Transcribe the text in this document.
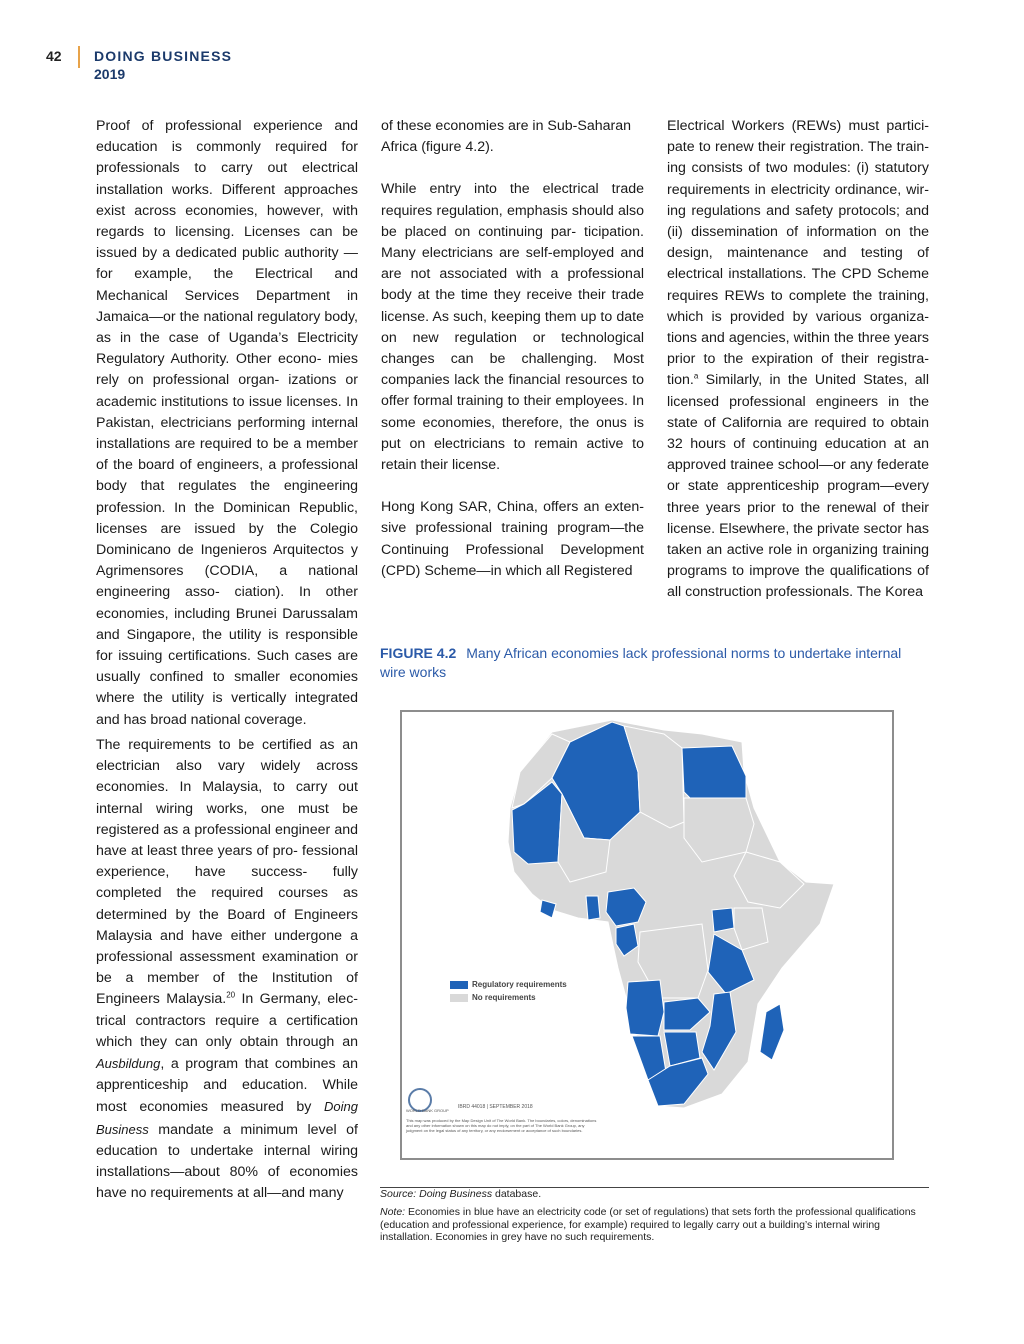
42 DOING BUSINESS
2019

Proof of professional experience and education is commonly required for professionals to carry out electrical installation works. Different approaches exist across economies, however, with regards to licensing. Licenses can be issued by a dedicated public authority —for example, the Electrical and Mechanical Services Department in Jamaica—or the national regulatory body, as in the case of Uganda’s Electricity Regulatory Authority. Other econo- mies rely on professional organ- izations or academic institutions to issue licenses. In Pakistan, electricians performing internal installations are required to be a member of the board of engineers, a professional body that regulates the engineering profession. In the Dominican Republic, licenses are issued by the Colegio Dominicano de Ingenieros Arquitectos y Agrimensores (CODIA, a national engineering asso- ciation). In other economies, including Brunei Darussalam and Singapore, the utility is responsible for issuing certifications. Such cases are usually confined to smaller economies where the utility is vertically integrated and has broad national coverage.

The requirements to be certified as an electrician also vary widely across economies. In Malaysia, to carry out internal wiring works, one must be registered as a professional engineer and have at least three years of pro- fessional experience, have success- fully completed the required courses as determined by the Board of Engineers Malaysia and have either undergone a professional assessment examination or be a member of the Institution of Engineers Malaysia.$^{20}$ In Germany, elec- trical contractors require a certification which they can only obtain through an Ausbildung, a program that combines an apprenticeship and education. While most economies measured by Doing Business mandate a minimum level of education to undertake internal wiring installations—about 80% of economies have no requirements at all—and many

of these economies are in Sub-Saharan Africa (figure 4.2).

While entry into the electrical trade requires regulation, emphasis should also be placed on continuing par- ticipation. Many electricians are self-employed and are not associated with a professional body at the time they receive their trade license. As such, keeping them up to date on new regulation or technological changes can be challenging. Most companies lack the financial resources to offer formal training to their employees. In some economies, therefore, the onus is put on electricians to remain active to retain their license.

Hong Kong SAR, China, offers an exten- sive professional training program—the Continuing Professional Development (CPD) Scheme—in which all Registered

Electrical Workers (REWs) must partici- pate to renew their registration. The train- ing consists of two modules: (i) statutory requirements in electricity ordinance, wir- ing regulations and safety protocols; and (ii) dissemination of information on the design, maintenance and testing of electrical installations. The CPD Scheme requires REWs to complete the training, which is provided by various organiza- tions and agencies, within the three years prior to the expiration of their registra- tion.$^a$ Similarly, in the United States, all licensed professional engineers in the state of California are required to obtain 32 hours of continuing education at an approved trainee school—or any federate or state apprenticeship program—every three years prior to the renewal of their license. Elsewhere, the private sector has taken an active role in organizing training programs to improve the qualifications of all construction professionals. The Korea

FIGURE 4.2 Many African economies lack professional norms to undertake internal wire works
Regulatory requirements
No requirements
WORLD BANK GROUP
IBRD 44018 | SEPTEMBER 2018
This map was produced by the Map Design Unit of The World Bank. The boundaries, colors, denominations and any other information shown on this map do not imply, on the part of The World Bank Group, any judgment on the legal status of any territory, or any endorsement or acceptance of such boundaries.
Source: Doing Business database.
Note: Economies in blue have an electricity code (or set of regulations) that sets forth the professional qualifications (education and professional experience, for example) required to legally carry out a building’s internal wiring installation. Economies in grey have no such requirements.
